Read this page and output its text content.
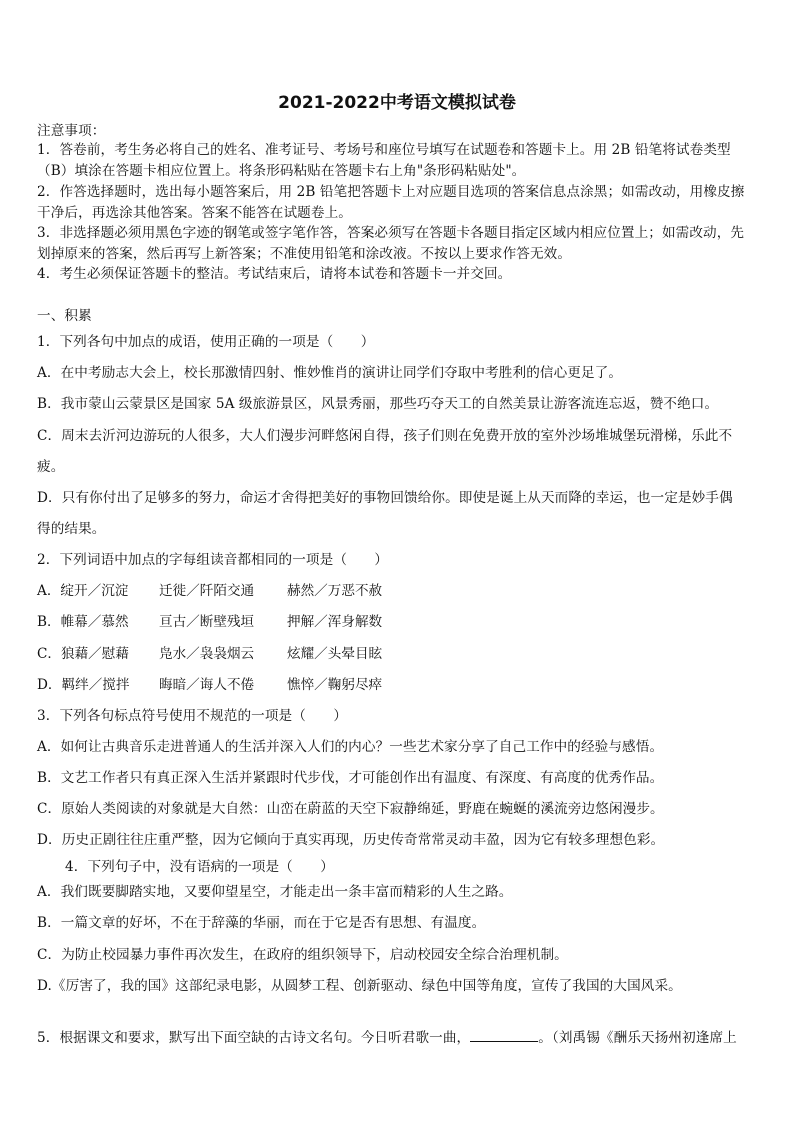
2021-2022中考语文模拟试卷
注意事项：
1．答卷前，考生务必将自己的姓名、准考证号、考场号和座位号填写在试题卷和答题卡上。用 2B 铅笔将试卷类型
（B）填涂在答题卡相应位置上。将条形码粘贴在答题卡右上角"条形码粘贴处"。
2．作答选择题时，选出每小题答案后，用 2B 铅笔把答题卡上对应题目选项的答案信息点涂黑；如需改动，用橡皮擦
干净后，再选涂其他答案。答案不能答在试题卷上。
3．非选择题必须用黑色字迹的钢笔或签字笔作答，答案必须写在答题卡各题目指定区域内相应位置上；如需改动，先
划掉原来的答案，然后再写上新答案；不准使用铅笔和涂改液。不按以上要求作答无效。
4．考生必须保证答题卡的整洁。考试结束后，请将本试卷和答题卡一并交回。
一、积累
1．下列各句中加点的成语，使用正确的一项是（　　）
A．在中考励志大会上，校长那激情四射、惟妙惟肖的演讲让同学们夺取中考胜利的信心更足了。
B．我市蒙山云蒙景区是国家 5A 级旅游景区，风景秀丽，那些巧夺天工的自然美景让游客流连忘返，赞不绝口。
C．周末去沂河边游玩的人很多，大人们漫步河畔悠闲自得，孩子们则在免费开放的室外沙场堆城堡玩滑梯，乐此不
疲。
D．只有你付出了足够多的努力，命运才舍得把美好的事物回馈给你。即使是诞上从天而降的幸运，也一定是妙手偶
得的结果。
2．下列词语中加点的字每组读音都相同的一项是（　　）
A．绽开／沉淀 迁徙／阡陌交通 赫然／万恶不赦
B．帷幕／慕然 亘古／断壁残垣 押解／浑身解数
C．狼藉／慰藉 凫水／袅袅烟云 炫耀／头晕目眩
D．羁绊／搅拌 晦暗／诲人不倦 憔悴／鞠躬尽瘁
3．下列各句标点符号使用不规范的一项是（　　）
A．如何让古典音乐走进普通人的生活并深入人们的内心？一些艺术家分享了自己工作中的经验与感悟。
B．文艺工作者只有真正深入生活并紧跟时代步伐，才可能创作出有温度、有深度、有高度的优秀作品。
C．原始人类阅读的对象就是大自然：山峦在蔚蓝的天空下寂静绵延，野鹿在蜿蜒的溪流旁边悠闲漫步。
D．历史正剧往往庄重严整，因为它倾向于真实再现，历史传奇常常灵动丰盈，因为它有较多理想色彩。
4．下列句子中，没有语病的一项是（　　）
A．我们既要脚踏实地，又要仰望星空，才能走出一条丰富而精彩的人生之路。
B．一篇文章的好坏，不在于辞藻的华丽，而在于它是否有思想、有温度。
C．为防止校园暴力事件再次发生，在政府的组织领导下，启动校园安全综合治理机制。
D.《厉害了，我的国》这部纪录电影，从圆梦工程、创新驱动、绿色中国等角度，宣传了我国的大国风采。
5．根据课文和要求，默写出下面空缺的古诗文名句。今日听君歌一曲，	。（刘禹锡《酬乐天扬州初逢席上
